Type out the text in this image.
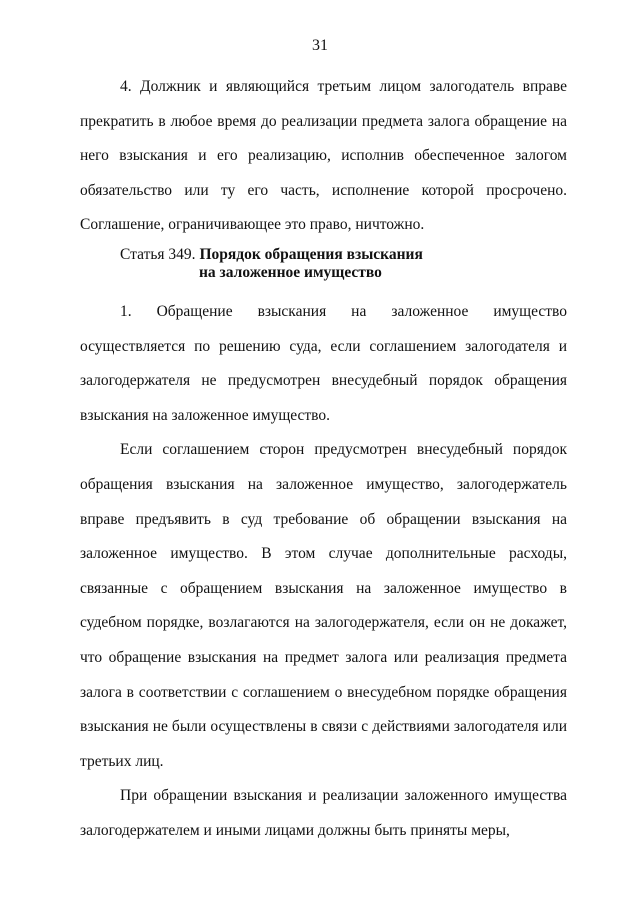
31

4. Должник и являющийся третьим лицом залогодатель вправе прекратить в любое время до реализации предмета залога обращение на него взыскания и его реализацию, исполнив обеспеченное залогом обязательство или ту его часть, исполнение которой просрочено. Соглашение, ограничивающее это право, ничтожно.

Статья 349. Порядок обращения взыскания
на заложенное имущество

1. Обращение взыскания на заложенное имущество осуществляется по решению суда, если соглашением залогодателя и залогодержателя не предусмотрен внесудебный порядок обращения взыскания на заложенное имущество.

Если соглашением сторон предусмотрен внесудебный порядок обращения взыскания на заложенное имущество, залогодержатель вправе предъявить в суд требование об обращении взыскания на заложенное имущество. В этом случае дополнительные расходы, связанные с обращением взыскания на заложенное имущество в судебном порядке, возлагаются на залогодержателя, если он не докажет, что обращение взыскания на предмет залога или реализация предмета залога в соответствии с соглашением о внесудебном порядке обращения взыскания не были осуществлены в связи с действиями залогодателя или третьих лиц.

При обращении взыскания и реализации заложенного имущества залогодержателем и иными лицами должны быть приняты меры,
